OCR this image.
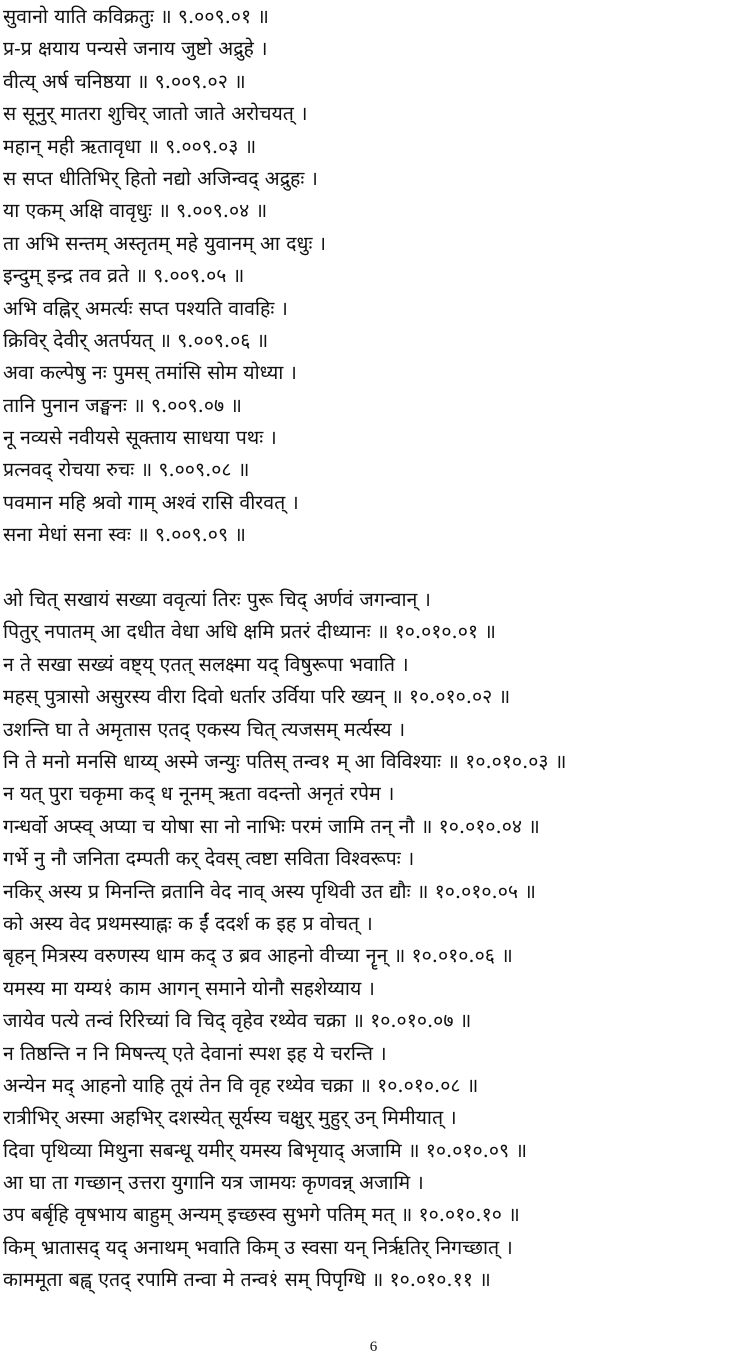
सुवानो याति कविक्रतुः ॥ ९.००९.०१ ॥
प्र-प्र क्षयाय पन्यसे जनाय जुष्टो अद्रुहे ।
वीत्य् अर्ष चनिष्ठया ॥ ९.००९.०२ ॥
स सूनुर् मातरा शुचिर् जातो जाते अरोचयत् ।
महान् मही ऋतावृधा ॥ ९.००९.०३ ॥
स सप्त धीतिभिर् हितो नद्यो अजिन्वद् अद्रुहः ।
या एकम् अक्षि वावृधुः ॥ ९.००९.०४ ॥
ता अभि सन्तम् अस्तृतम् महे युवानम् आ दधुः ।
इन्दुम् इन्द्र तव व्रते ॥ ९.००९.०५ ॥
अभि वह्निर् अमर्त्यः सप्त पश्यति वावहिः ।
क्रिविर् देवीर् अतर्पयत् ॥ ९.००९.०६ ॥
अवा कल्पेषु नः पुमस् तमांसि सोम योध्या ।
तानि पुनान जङ्घनः ॥ ९.००९.०७ ॥
नू नव्यसे नवीयसे सूक्ताय साधया पथः ।
प्रत्नवद् रोचया रुचः ॥ ९.००९.०८ ॥
पवमान महि श्रवो गाम् अश्वं रासि वीरवत् ।
सना मेधां सना स्वः ॥ ९.००९.०९ ॥
ओ चित् सखायं सख्या ववृत्यां तिरः पुरू चिद् अर्णवं जगन्वान् ।
पितुर् नपातम् आ दधीत वेधा अधि क्षमि प्रतरं दीध्यानः ॥ १०.०१०.०१ ॥
न ते सखा सख्यं वष्ट्य् एतत् सलक्ष्मा यद् विषुरूपा भवाति ।
महस् पुत्रासो असुरस्य वीरा दिवो धर्तार उर्विया परि ख्यन् ॥ १०.०१०.०२ ॥
उशन्ति घा ते अमृतास एतद् एकस्य चित् त्यजसम् मर्त्यस्य ।
नि ते मनो मनसि धाय्य् अस्मे जन्युः पतिस् तन्व१ म् आ विविश्याः ॥ १०.०१०.०३ ॥
न यत् पुरा चकृमा कद् ध नूनम् ऋता वदन्तो अनृतं रपेम ।
गन्धर्वो अप्स्व् अप्या च योषा सा नो नाभिः परमं जामि तन् नौ ॥ १०.०१०.०४ ॥
गर्भे नु नौ जनिता दम्पती कर् देवस् त्वष्टा सविता विश्वरूपः ।
नकिर् अस्य प्र मिनन्ति व्रतानि वेद नाव् अस्य पृथिवी उत द्यौः ॥ १०.०१०.०५ ॥
को अस्य वेद प्रथमस्याह्नः क ईं ददर्श क इह प्र वोचत् ।
बृहन् मित्रस्य वरुणस्य धाम कद् उ ब्रव आहनो वीच्या नॄन् ॥ १०.०१०.०६ ॥
यमस्य मा यम्य१ं काम आगन् समाने योनौ सहशेय्याय ।
जायेव पत्ये तन्वं रिरिच्यां वि चिद् वृहेव रथ्येव चक्रा ॥ १०.०१०.०७ ॥
न तिष्ठन्ति न नि मिषन्त्य् एते देवानां स्पश इह ये चरन्ति ।
अन्येन मद् आहनो याहि तूयं तेन वि वृह रथ्येव चक्रा ॥ १०.०१०.०८ ॥
रात्रीभिर् अस्मा अहभिर् दशस्येत् सूर्यस्य चक्षुर् मुहुर् उन् मिमीयात् ।
दिवा पृथिव्या मिथुना सबन्धू यमीर् यमस्य बिभृयाद् अजामि ॥ १०.०१०.०९ ॥
आ घा ता गच्छान् उत्तरा युगानि यत्र जामयः कृणवन्न् अजामि ।
उप बर्बृहि वृषभाय बाहुम् अन्यम् इच्छस्व सुभगे पतिम् मत् ॥ १०.०१०.१० ॥
किम् भ्रातासद् यद् अनाथम् भवाति किम् उ स्वसा यन् निरृतिर् निगच्छात् ।
काममूता बह्व् एतद् रपामि तन्वा मे तन्व१ं सम् पिपृग्धि ॥ १०.०१०.११ ॥
6
